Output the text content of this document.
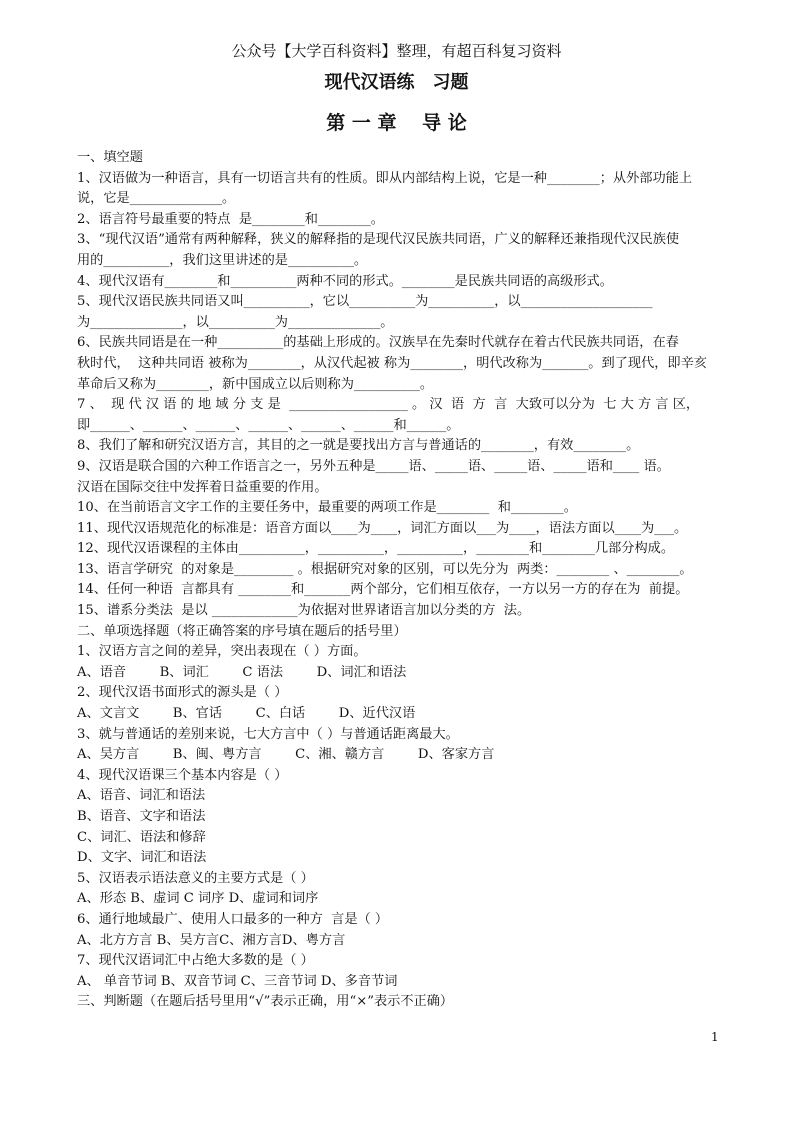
公众号【大学百科资料】整理，有超百科复习资料
现代汉语练　习题
第 一 章　 导 论

一、填空题

1、汉语做为一种语言，具有一切语言共有的性质。即从内部结构上说，它是一种________；从外部功能上

说，它是______________。

2、语言符号最重要的特点  是________和________。

3、“现代汉语”通常有两种解释，狭义的解释指的是现代汉民族共同语，广义的解释还兼指现代汉民族使

用的__________，我们这里讲述的是__________。

4、现代汉语有________和__________两种不同的形式。________是民族共同语的高级形式。

5、现代汉语民族共同语又叫__________，它以__________为__________，以____________________

为______________，以__________为______________。

6、民族共同语是在一种__________的基础上形成的。汉族早在先秦时代就存在着古代民族共同语，在春

秋时代，  这种共同语 被称为________，从汉代起被 称为________，明代改称为_______。到了现代，即辛亥

革命后又称为________，新中国成立以后则称为__________。

7 、  现 代 汉 语 的 地 域 分 支 是  __________________ 。 汉  语  方  言  大致可以分为  七 大 方 言 区，

即______、______、______、______、______、______和______。

8、我们了解和研究汉语方言，其目的之一就是要找出方言与普通话的________，有效________。

9、汉语是联合国的六种工作语言之一，另外五种是_____语、_____语、_____语、_____语和____ 语。

汉语在国际交往中发挥着日益重要的作用。

10、在当前语言文字工作的主要任务中，最重要的两项工作是________  和________。

11、现代汉语规范化的标准是：语音方面以____为____，词汇方面以___为____，语法方面以____为___。

12、现代汉语课程的主体由__________，__________，__________，________和________几部分构成。

13、语言学研究  的对象是_________ 。根据研究对象的区别，可以先分为  两类：________ 、________。

14、任何一种语  言都具有 ________和_______两个部分，它们相互依存，一方以另一方的存在为  前提。

15、谱系分类法  是以 _____________为依据对世界诸语言加以分类的方  法。

二、单项选择题（将正确答案的序号填在题后的括号里）

1、汉语方言之间的差异，突出表现在（ ）方面。

A、语音        B、词汇        C 语法        D、词汇和语法

2、现代汉语书面形式的源头是（ ）

A、文言文        B、官话        C、白话        D、近代汉语

3、就与普通话的差别来说，七大方言中（ ）与普通话距离最大。

A、吴方言        B、闽、粤方言        C、湘、赣方言        D、客家方言

4、现代汉语课三个基本内容是（ ）

A、语音、词汇和语法

B、语音、文字和语法

C、词汇、语法和修辞

D、文字、词汇和语法

5、汉语表示语法意义的主要方式是（ ）

A、形态 B、虚词 C 词序 D、虚词和词序

6、通行地域最广、使用人口最多的一种方  言是（ ）

A、北方方言 B、吴方言C、湘方言D、粤方言

7、现代汉语词汇中占绝大多数的是（ ）

A、 单音节词 B、双音节词 C、三音节词 D、多音节词

三、判断题（在题后括号里用“√”表示正确，用“×”表示不正确）

1
